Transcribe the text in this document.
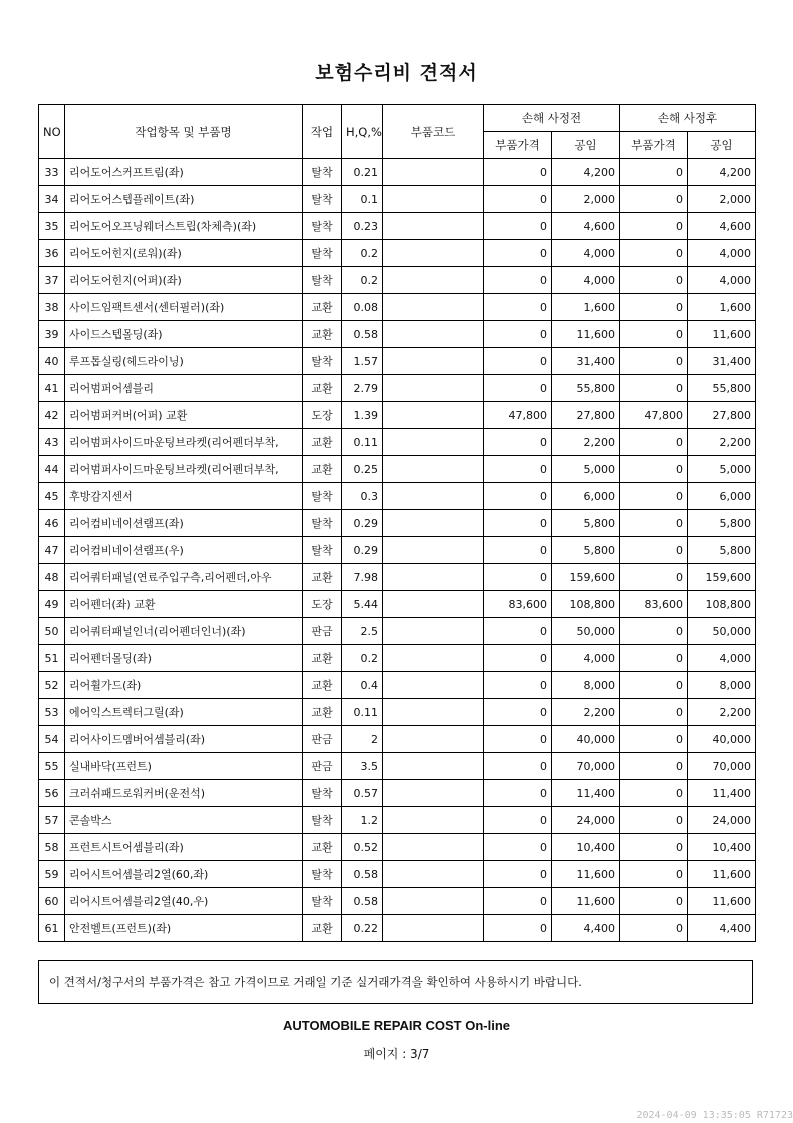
보험수리비 견적서
NO	작업항목 및 부품명	작업	H,Q,%	부품코드	손해 사정전		손해 사정후	
					부품가격	공임	부품가격	공임
33	리어도어스커프트림(좌)	탈착	0.21		0	4,200	0	4,200
34	리어도어스텝플레이트(좌)	탈착	0.1		0	2,000	0	2,000
35	리어도어오프닝웨더스트립(차체측)(좌)	탈착	0.23		0	4,600	0	4,600
36	리어도어힌지(로워)(좌)	탈착	0.2		0	4,000	0	4,000
37	리어도어힌지(어퍼)(좌)	탈착	0.2		0	4,000	0	4,000
38	사이드임팩트센서(센터필러)(좌)	교환	0.08		0	1,600	0	1,600
39	사이드스텝몰딩(좌)	교환	0.58		0	11,600	0	11,600
40	루프톱실링(헤드라이닝)	탈착	1.57		0	31,400	0	31,400
41	리어범퍼어셈블리	교환	2.79		0	55,800	0	55,800
42	리어범퍼커버(어퍼) 교환	도장	1.39		47,800	27,800	47,800	27,800
43	리어범퍼사이드마운팅브라켓(리어펜더부착,	교환	0.11		0	2,200	0	2,200
44	리어범퍼사이드마운팅브라켓(리어펜더부착,	교환	0.25		0	5,000	0	5,000
45	후방감지센서	탈착	0.3		0	6,000	0	6,000
46	리어컴비네이션램프(좌)	탈착	0.29		0	5,800	0	5,800
47	리어컴비네이션램프(우)	탈착	0.29		0	5,800	0	5,800
48	리어쿼터패널(연료주입구측,리어펜더,아우	교환	7.98		0	159,600	0	159,600
49	리어펜더(좌) 교환	도장	5.44		83,600	108,800	83,600	108,800
50	리어쿼터패널인너(리어펜더인너)(좌)	판금	2.5		0	50,000	0	50,000
51	리어펜더몰딩(좌)	교환	0.2		0	4,000	0	4,000
52	리어휠가드(좌)	교환	0.4		0	8,000	0	8,000
53	에어익스트렉터그릴(좌)	교환	0.11		0	2,200	0	2,200
54	리어사이드멤버어셈블리(좌)	판금	2		0	40,000	0	40,000
55	실내바닥(프런트)	판금	3.5		0	70,000	0	70,000
56	크러쉬패드로워커버(운전석)	탈착	0.57		0	11,400	0	11,400
57	콘솔박스	탈착	1.2		0	24,000	0	24,000
58	프런트시트어셈블리(좌)	교환	0.52		0	10,400	0	10,400
59	리어시트어셈블리2열(60,좌)	탈착	0.58		0	11,600	0	11,600
60	리어시트어셈블리2열(40,우)	탈착	0.58		0	11,600	0	11,600
61	안전벨트(프런트)(좌)	교환	0.22		0	4,400	0	4,400
이 견적서/청구서의 부품가격은 참고 가격이므로 거래일 기준 실거래가격을 확인하여 사용하시기 바랍니다.
AUTOMOBILE REPAIR COST On-line
페이지 : 3/7
2024-04-09 13:35:05 R71723
